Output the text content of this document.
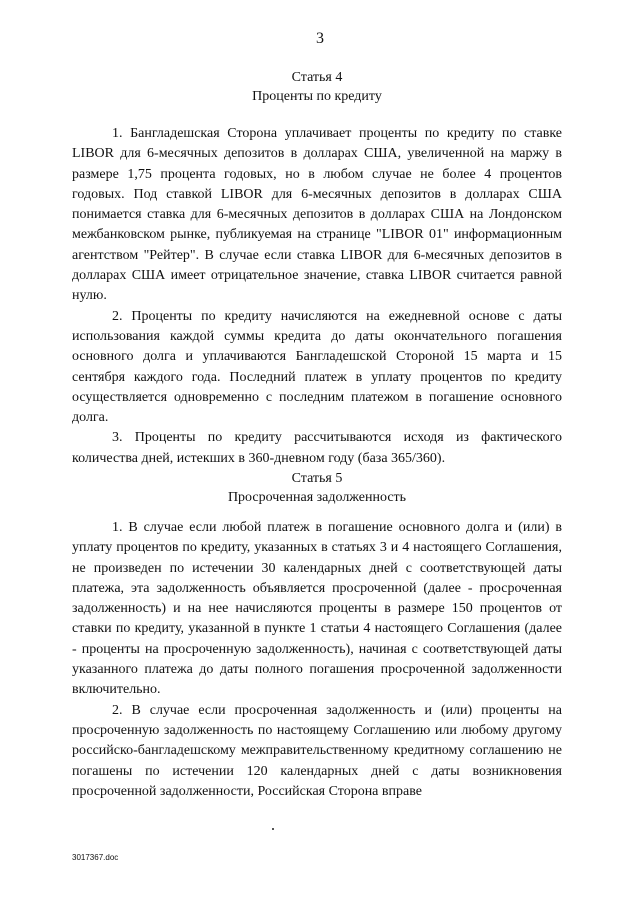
3
Статья 4
Проценты по кредиту

1. Бангладешская Сторона уплачивает проценты по кредиту по ставке LIBOR для 6-месячных депозитов в долларах США, увеличенной на маржу в размере 1,75 процента годовых, но в любом случае не более 4 процентов годовых. Под ставкой LIBOR для 6-месячных депозитов в долларах США понимается ставка для 6-месячных депозитов в долларах США на Лондонском межбанковском рынке, публикуемая на странице "LIBOR 01" информационным агентством "Рейтер". В случае если ставка LIBOR для 6-месячных депозитов в долларах США имеет отрицательное значение, ставка LIBOR считается равной нулю.

2. Проценты по кредиту начисляются на ежедневной основе с даты использования каждой суммы кредита до даты окончательного погашения основного долга и уплачиваются Бангладешской Стороной 15 марта и 15 сентября каждого года. Последний платеж в уплату процентов по кредиту осуществляется одновременно с последним платежом в погашение основного долга.

3. Проценты по кредиту рассчитываются исходя из фактического количества дней, истекших в 360-дневном году (база 365/360).

Статья 5
Просроченная задолженность

1. В случае если любой платеж в погашение основного долга и (или) в уплату процентов по кредиту, указанных в статьях 3 и 4 настоящего Соглашения, не произведен по истечении 30 календарных дней с соответствующей даты платежа, эта задолженность объявляется просроченной (далее - просроченная задолженность) и на нее начисляются проценты в размере 150 процентов от ставки по кредиту, указанной в пункте 1 статьи 4 настоящего Соглашения (далее - проценты на просроченную задолженность), начиная с соответствующей даты указанного платежа до даты полного погашения просроченной задолженности включительно.

2. В случае если просроченная задолженность и (или) проценты на просроченную задолженность по настоящему Соглашению или любому другому российско-бангладешскому межправительственному кредитному соглашению не погашены по истечении 120 календарных дней с даты возникновения просроченной задолженности, Российская Сторона вправе

3017367.doc
